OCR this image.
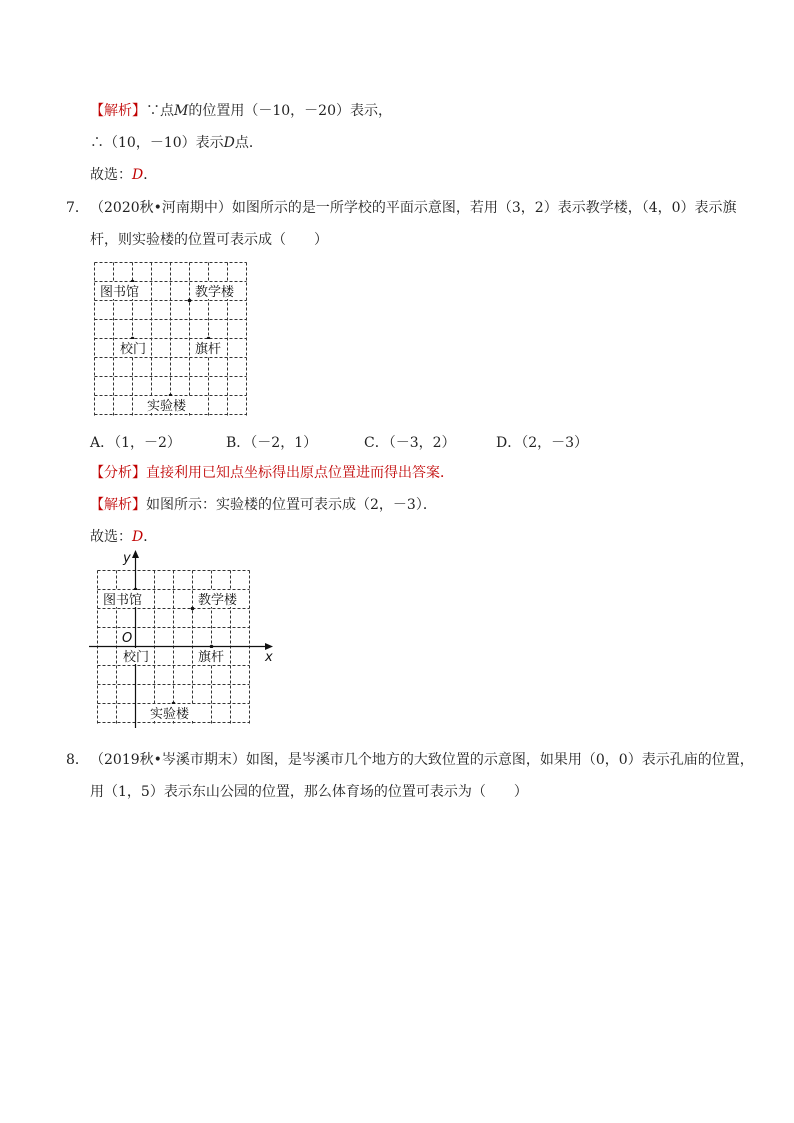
【解析】∵点M的位置用（－10，－20）表示，
∴（10，－10）表示D点．
故选：D．
7． （2020秋•河南期中）如图所示的是一所学校的平面示意图，若用（3，2）表示教学楼，（4，0）表示旗
杆，则实验楼的位置可表示成（　　）
图书馆	教学楼
校门	旗杆
实验楼
A．（1，－2）	B．（－2，1）	C．（－3，2）	D．（2，－3）
【分析】直接利用已知点坐标得出原点位置进而得出答案．
【解析】如图所示：实验楼的位置可表示成（2，－3）．
故选：D．
图书馆	教学楼
校门	旗杆
实验楼
O
x
y
8． （2019秋•岑溪市期末）如图，是岑溪市几个地方的大致位置的示意图，如果用（0，0）表示孔庙的位置，
用（1，5）表示东山公园的位置，那么体育场的位置可表示为（　　）
